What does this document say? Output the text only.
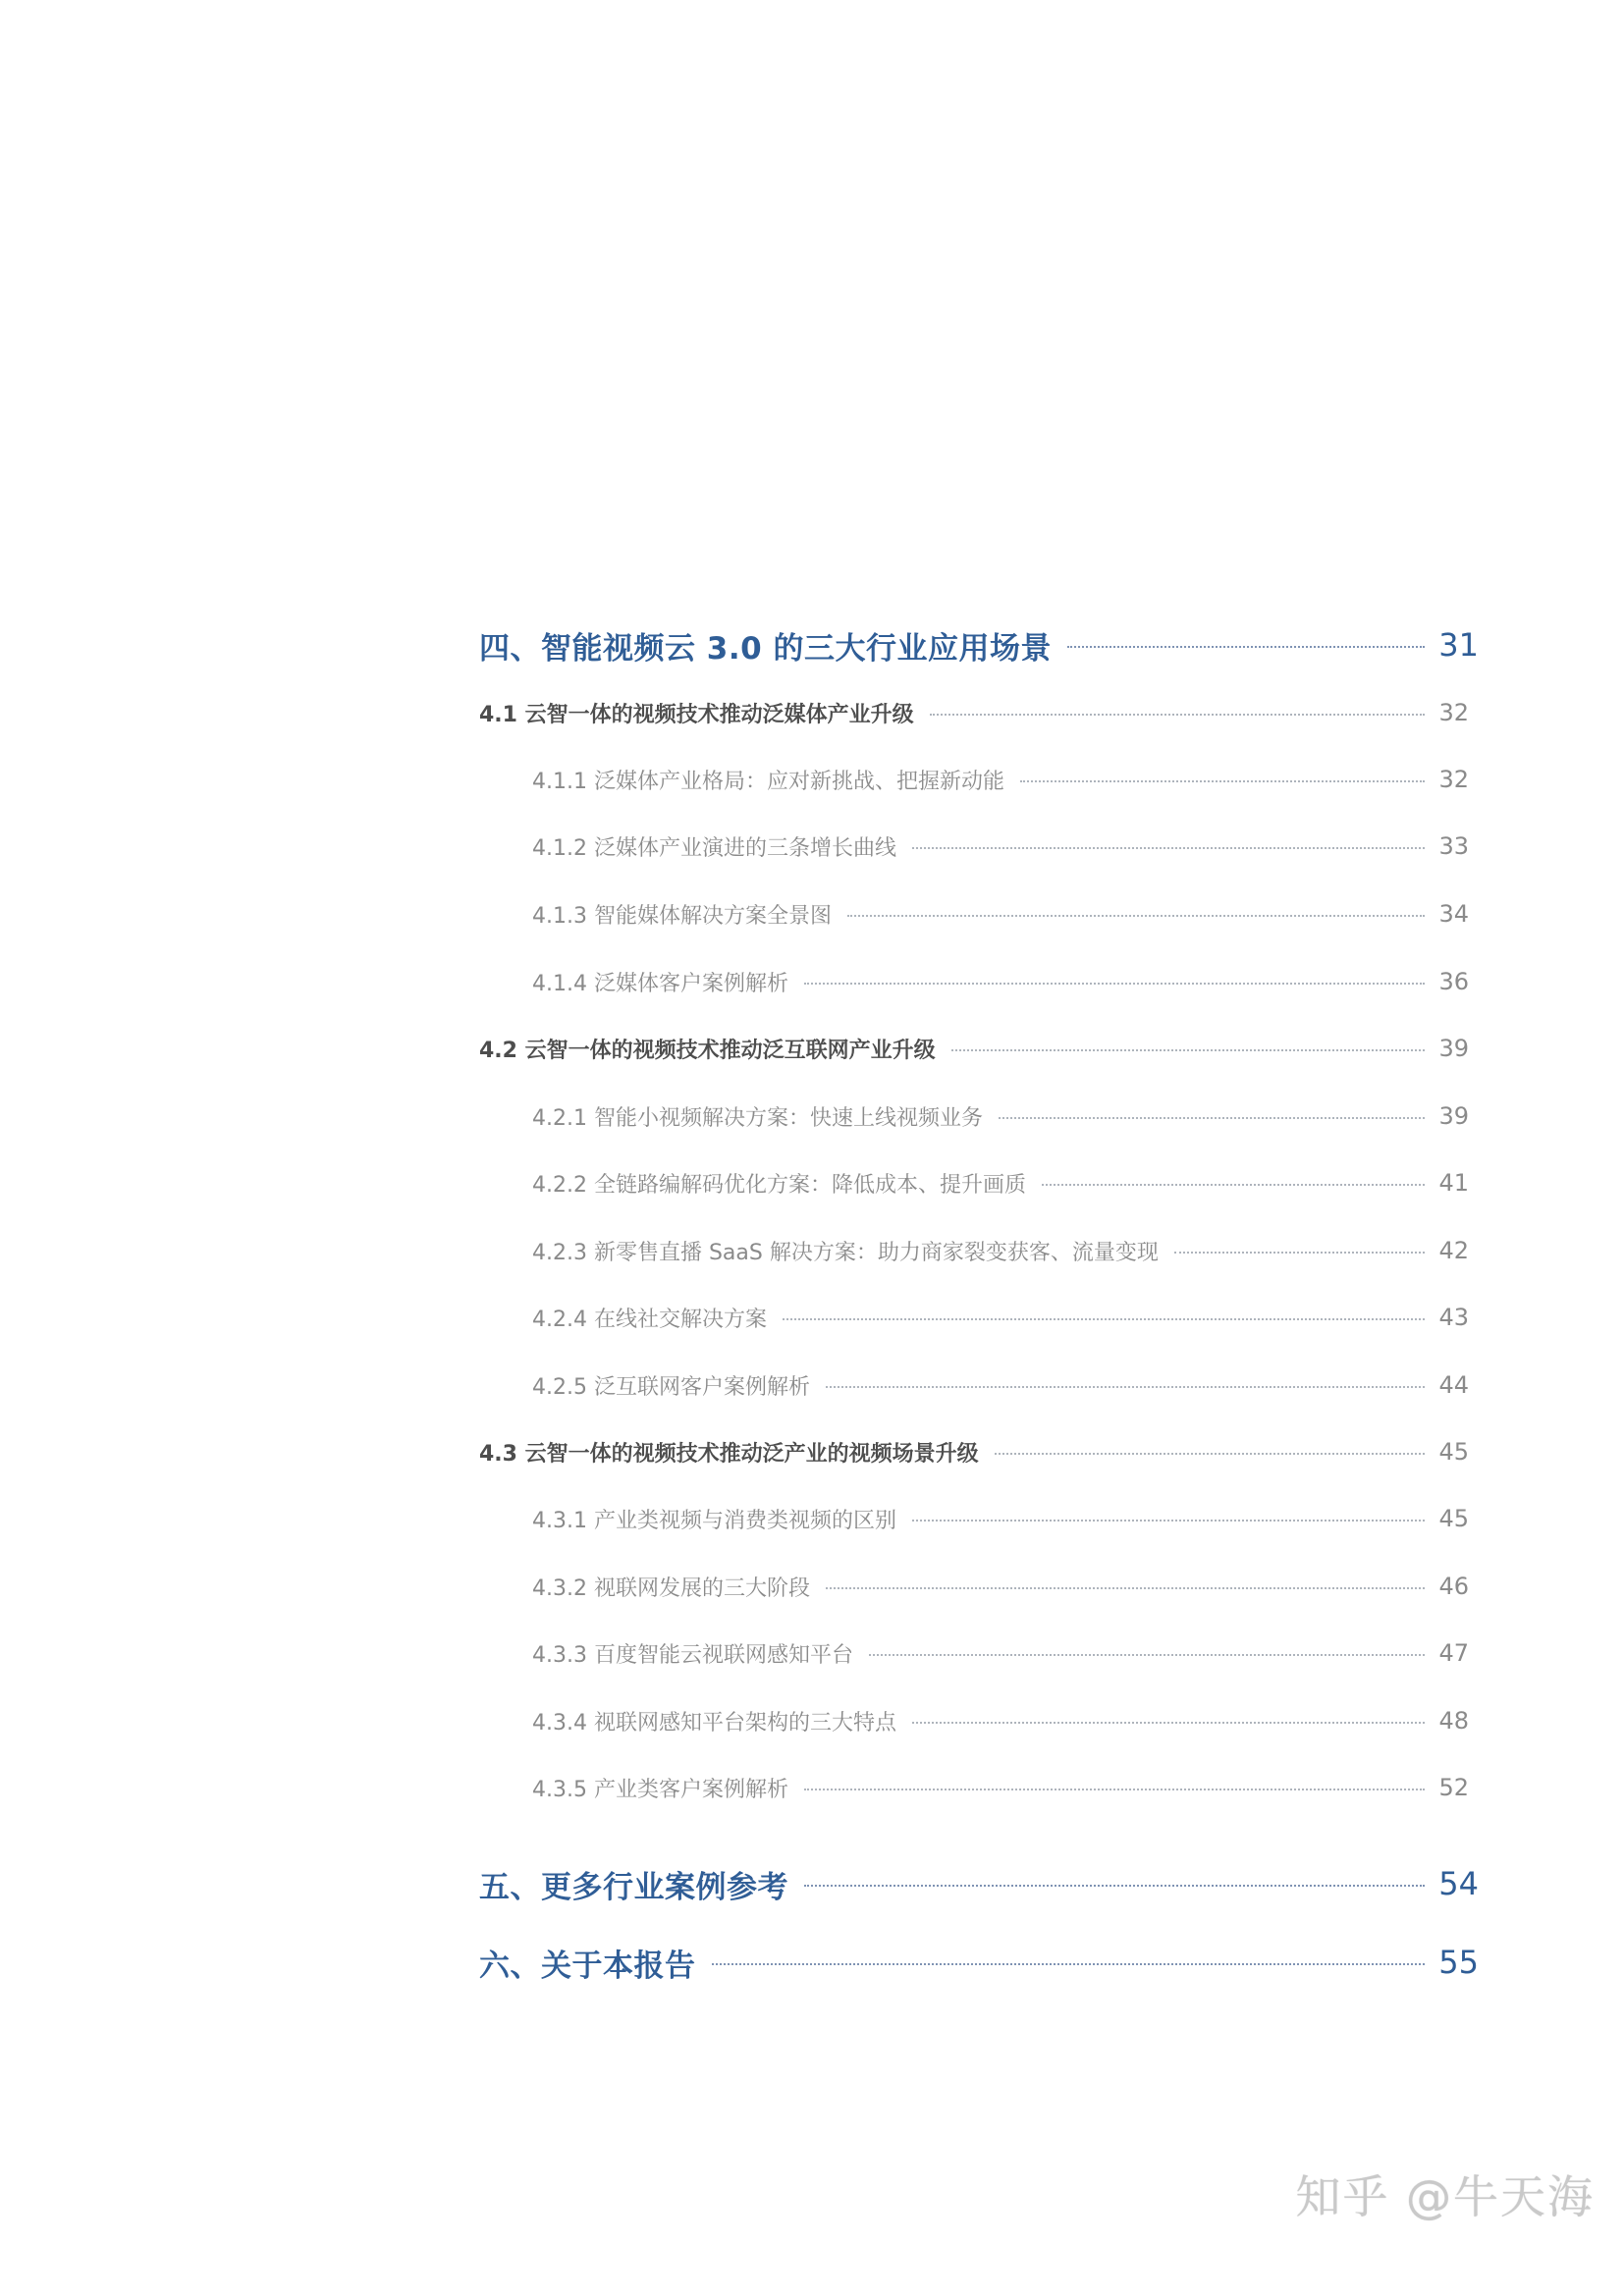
四、智能视频云 3.0 的三大行业应用场景	31
4.1 云智一体的视频技术推动泛媒体产业升级	32
4.1.1 泛媒体产业格局：应对新挑战、把握新动能	32
4.1.2 泛媒体产业演进的三条增长曲线	33
4.1.3 智能媒体解决方案全景图	34
4.1.4 泛媒体客户案例解析	36
4.2 云智一体的视频技术推动泛互联网产业升级	39
4.2.1 智能小视频解决方案：快速上线视频业务	39
4.2.2 全链路编解码优化方案：降低成本、提升画质	41
4.2.3 新零售直播 SaaS 解决方案：助力商家裂变获客、流量变现	42
4.2.4 在线社交解决方案	43
4.2.5 泛互联网客户案例解析	44
4.3 云智一体的视频技术推动泛产业的视频场景升级	45
4.3.1 产业类视频与消费类视频的区别	45
4.3.2 视联网发展的三大阶段	46
4.3.3 百度智能云视联网感知平台	47
4.3.4 视联网感知平台架构的三大特点	48
4.3.5 产业类客户案例解析	52
五、更多行业案例参考	54
六、关于本报告	55
知乎 @牛天海
